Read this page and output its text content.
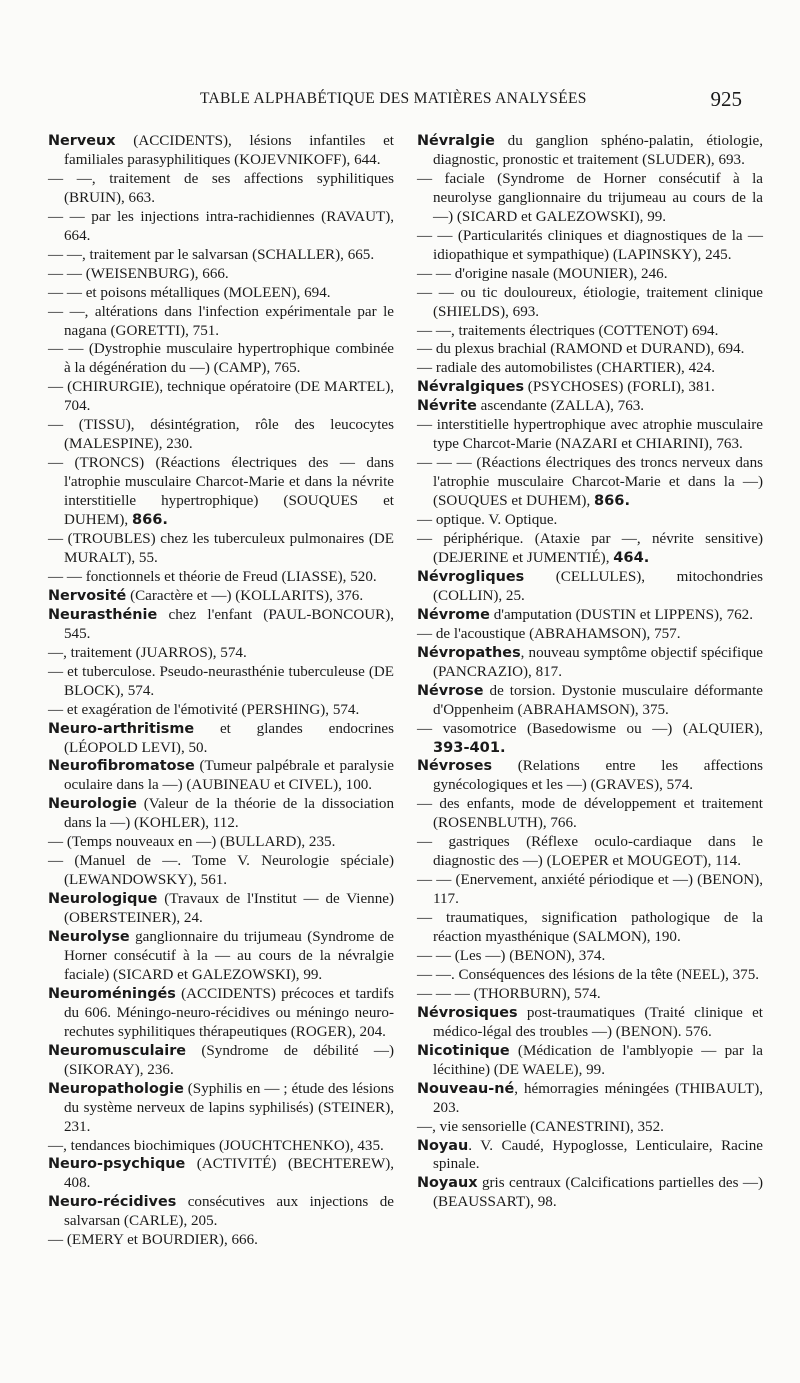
TABLE ALPHABÉTIQUE DES MATIÈRES ANALYSÉES	925

Nerveux (ACCIDENTS), lésions infantiles et familiales parasyphilitiques (KOJEVNIKOFF), 644.

— —, traitement de ses affections syphilitiques (BRUIN), 663.

— — par les injections intra-rachidiennes (RAVAUT), 664.

— —, traitement par le salvarsan (SCHALLER), 665.

— — (WEISENBURG), 666.

— — et poisons métalliques (MOLEEN), 694.

— —, altérations dans l'infection expérimentale par le nagana (GORETTI), 751.

— — (Dystrophie musculaire hypertrophique combinée à la dégénération du —) (CAMP), 765.

— (CHIRURGIE), technique opératoire (DE MARTEL), 704.

— (TISSU), désintégration, rôle des leucocytes (MALESPINE), 230.

— (TRONCS) (Réactions électriques des — dans l'atrophie musculaire Charcot-Marie et dans la névrite interstitielle hypertrophique) (SOUQUES et DUHEM), 866.

— (TROUBLES) chez les tuberculeux pulmonaires (DE MURALT), 55.

— — fonctionnels et théorie de Freud (LIASSE), 520.

Nervosité (Caractère et —) (KOLLARITS), 376.

Neurasthénie chez l'enfant (PAUL-BONCOUR), 545.

—, traitement (JUARROS), 574.

— et tuberculose. Pseudo-neurasthénie tuberculeuse (DE BLOCK), 574.

— et exagération de l'émotivité (PERSHING), 574.

Neuro-arthritisme et glandes endocrines (LÉOPOLD LEVI), 50.

Neurofibromatose (Tumeur palpébrale et paralysie oculaire dans la —) (AUBINEAU et CIVEL), 100.

Neurologie (Valeur de la théorie de la dissociation dans la —) (KOHLER), 112.

— (Temps nouveaux en —) (BULLARD), 235.

— (Manuel de —. Tome V. Neurologie spéciale) (LEWANDOWSKY), 561.

Neurologique (Travaux de l'Institut — de Vienne) (OBERSTEINER), 24.

Neurolyse ganglionnaire du trijumeau (Syndrome de Horner consécutif à la — au cours de la névralgie faciale) (SICARD et GALEZOWSKI), 99.

Neuroméningés (ACCIDENTS) précoces et tardifs du 606. Méningo-neuro-récidives ou méningo neuro-rechutes syphilitiques thérapeutiques (ROGER), 204.

Neuromusculaire (Syndrome de débilité —) (SIKORAY), 236.

Neuropathologie (Syphilis en — ; étude des lésions du système nerveux de lapins syphilisés) (STEINER), 231.

—, tendances biochimiques (JOUCHTCHENKO), 435.

Neuro-psychique (ACTIVITÉ) (BECHTEREW), 408.

Neuro-récidives consécutives aux injections de salvarsan (CARLE), 205.

— (EMERY et BOURDIER), 666.

Névralgie du ganglion sphéno-palatin, étiologie, diagnostic, pronostic et traitement (SLUDER), 693.

— faciale (Syndrome de Horner consécutif à la neurolyse ganglionnaire du trijumeau au cours de la —) (SICARD et GALEZOWSKI), 99.

— — (Particularités cliniques et diagnostiques de la — idiopathique et sympathique) (LAPINSKY), 245.

— — d'origine nasale (MOUNIER), 246.

— — ou tic douloureux, étiologie, traitement clinique (SHIELDS), 693.

— —, traitements électriques (COTTENOT) 694.

— du plexus brachial (RAMOND et DURAND), 694.

— radiale des automobilistes (CHARTIER), 424.

Névralgiques (PSYCHOSES) (FORLI), 381.

Névrite ascendante (ZALLA), 763.

— interstitielle hypertrophique avec atrophie musculaire type Charcot-Marie (NAZARI et CHIARINI), 763.

— — — (Réactions électriques des troncs nerveux dans l'atrophie musculaire Charcot-Marie et dans la —) (SOUQUES et DUHEM), 866.

— optique. V. Optique.

— périphérique. (Ataxie par —, névrite sensitive) (DEJERINE et JUMENTIÉ), 464.

Névrogliques (CELLULES), mitochondries (COLLIN), 25.

Névrome d'amputation (DUSTIN et LIPPENS), 762.

— de l'acoustique (ABRAHAMSON), 757.

Névropathes, nouveau symptôme objectif spécifique (PANCRAZIO), 817.

Névrose de torsion. Dystonie musculaire déformante d'Oppenheim (ABRAHAMSON), 375.

— vasomotrice (Basedowisme ou —) (ALQUIER), 393-401.

Névroses (Relations entre les affections gynécologiques et les —) (GRAVES), 574.

— des enfants, mode de développement et traitement (ROSENBLUTH), 766.

— gastriques (Réflexe oculo-cardiaque dans le diagnostic des —) (LOEPER et MOUGEOT), 114.

— — (Enervement, anxiété périodique et —) (BENON), 117.

— traumatiques, signification pathologique de la réaction myasthénique (SALMON), 190.

— — (Les —) (BENON), 374.

— —. Conséquences des lésions de la tête (NEEL), 375.

— — — (THORBURN), 574.

Névrosiques post-traumatiques (Traité clinique et médico-légal des troubles —) (BENON). 576.

Nicotinique (Médication de l'amblyopie — par la lécithine) (DE WAELE), 99.

Nouveau-né, hémorragies méningées (THIBAULT), 203.

—, vie sensorielle (CANESTRINI), 352.

Noyau. V. Caudé, Hypoglosse, Lenticulaire, Racine spinale.

Noyaux gris centraux (Calcifications partielles des —) (BEAUSSART), 98.
